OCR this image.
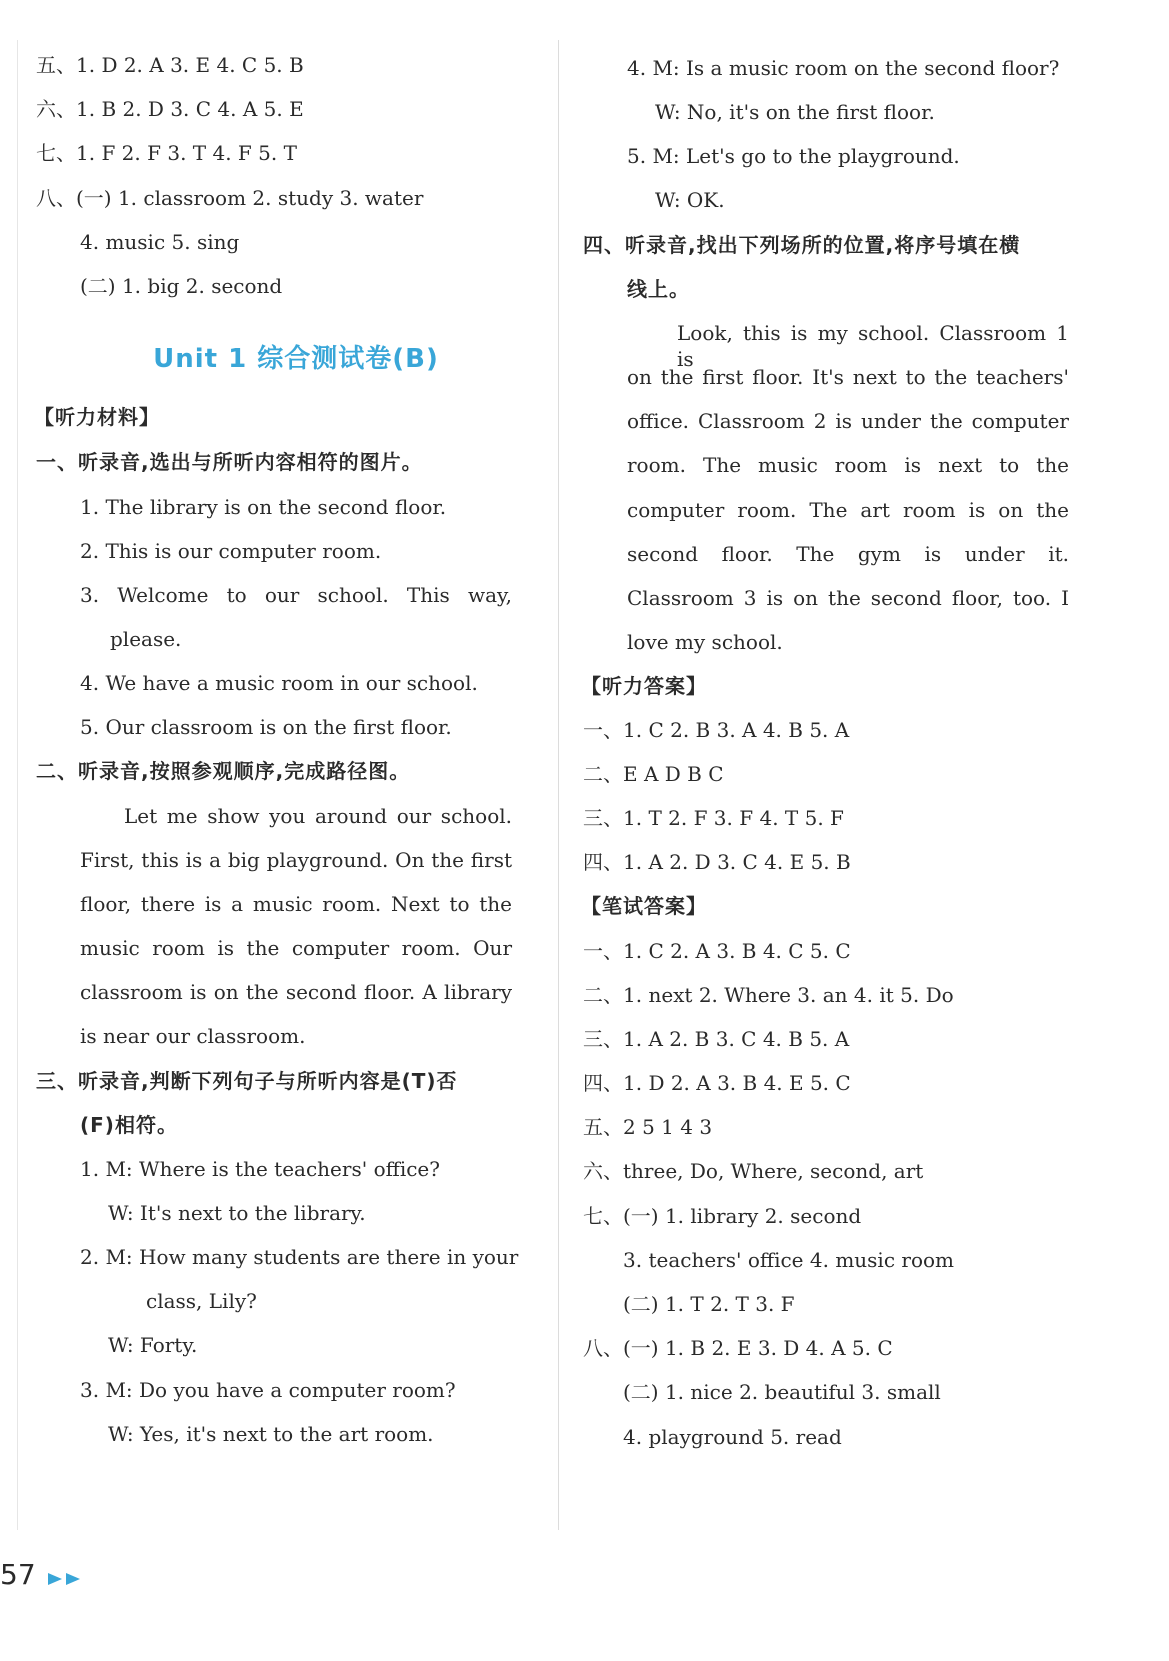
五、1. D 2. A 3. E 4. C 5. B
六、1. B 2. D 3. C 4. A 5. E
七、1. F 2. F 3. T 4. F 5. T
八、(一) 1. classroom 2. study 3. water
4. music 5. sing
(二) 1. big 2. second
Unit 1 综合测试卷(B)
【听力材料】
一、听录音,选出与所听内容相符的图片。
1. The library is on the second floor.
2. This is our computer room.
3. Welcome to our school. This way,
please.
4. We have a music room in our school.
5. Our classroom is on the first floor.
二、听录音,按照参观顺序,完成路径图。
Let me show you around our school.
First, this is a big playground. On the first
floor, there is a music room. Next to the
music room is the computer room. Our
classroom is on the second floor. A library
is near our classroom.
三、听录音,判断下列句子与所听内容是(T)否
(F)相符。
1. M: Where is the teachers' office?
W: It's next to the library.
2. M: How many students are there in your
class, Lily?
W: Forty.
3. M: Do you have a computer room?
W: Yes, it's next to the art room.
4. M: Is a music room on the second floor?
W: No, it's on the first floor.
5. M: Let's go to the playground.
W: OK.
四、听录音,找出下列场所的位置,将序号填在横
线上。
Look, this is my school. Classroom 1 is
on the first floor. It's next to the teachers'
office. Classroom 2 is under the computer
room. The music room is next to the
computer room. The art room is on the
second floor. The gym is under it.
Classroom 3 is on the second floor, too. I
love my school.
【听力答案】
一、1. C 2. B 3. A 4. B 5. A
二、E A D B C
三、1. T 2. F 3. F 4. T 5. F
四、1. A 2. D 3. C 4. E 5. B
【笔试答案】
一、1. C 2. A 3. B 4. C 5. C
二、1. next 2. Where 3. an 4. it 5. Do
三、1. A 2. B 3. C 4. B 5. A
四、1. D 2. A 3. B 4. E 5. C
五、2 5 1 4 3
六、three, Do, Where, second, art
七、(一) 1. library 2. second
3. teachers' office 4. music room
(二) 1. T 2. T 3. F
八、(一) 1. B 2. E 3. D 4. A 5. C
(二) 1. nice 2. beautiful 3. small
4. playground 5. read
57
